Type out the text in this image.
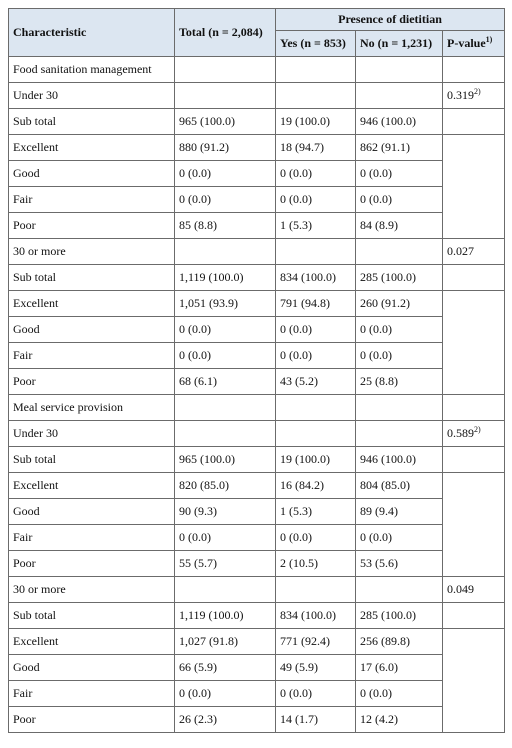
Characteristic	Total (n = 2,084)	Presence of dietitian		
		Yes (n = 853)	No (n = 1,231)	P-value$^{1)}$
Food sanitation management				
Under 30				0.319$^{2)}$
Sub total	965 (100.0)	19 (100.0)	946 (100.0)	
Excellent	880 (91.2)	18 (94.7)	862 (91.1)	
Good	0 (0.0)	0 (0.0)	0 (0.0)	
Fair	0 (0.0)	0 (0.0)	0 (0.0)	
Poor	85 (8.8)	1 (5.3)	84 (8.9)	
30 or more				0.027
Sub total	1,119 (100.0)	834 (100.0)	285 (100.0)	
Excellent	1,051 (93.9)	791 (94.8)	260 (91.2)	
Good	0 (0.0)	0 (0.0)	0 (0.0)	
Fair	0 (0.0)	0 (0.0)	0 (0.0)	
Poor	68 (6.1)	43 (5.2)	25 (8.8)	
Meal service provision				
Under 30				0.589$^{2)}$
Sub total	965 (100.0)	19 (100.0)	946 (100.0)	
Excellent	820 (85.0)	16 (84.2)	804 (85.0)	
Good	90 (9.3)	1 (5.3)	89 (9.4)	
Fair	0 (0.0)	0 (0.0)	0 (0.0)	
Poor	55 (5.7)	2 (10.5)	53 (5.6)	
30 or more				0.049
Sub total	1,119 (100.0)	834 (100.0)	285 (100.0)	
Excellent	1,027 (91.8)	771 (92.4)	256 (89.8)	
Good	66 (5.9)	49 (5.9)	17 (6.0)	
Fair	0 (0.0)	0 (0.0)	0 (0.0)	
Poor	26 (2.3)	14 (1.7)	12 (4.2)	
